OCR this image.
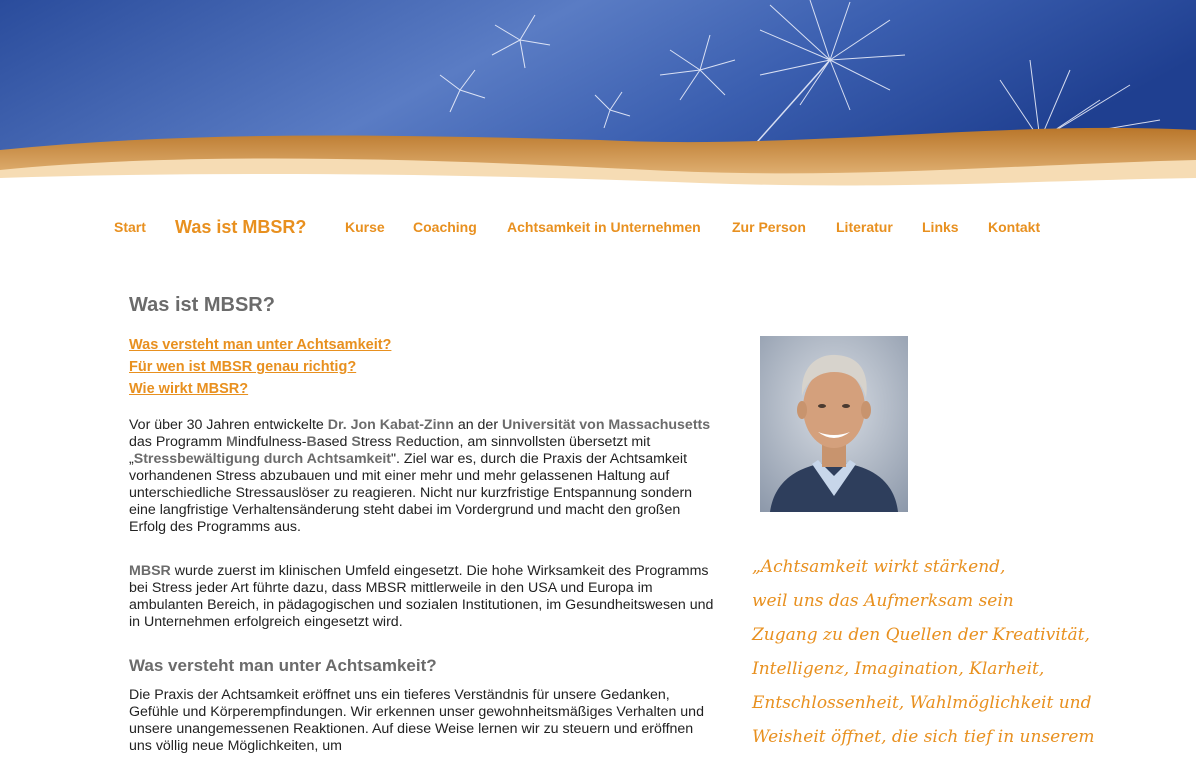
Start Was ist MBSR?	Kurse Coaching Achtsamkeit in Unternehmen Zur Person Literatur Links Kontakt
Was ist MBSR?
Was versteht man unter Achtsamkeit?
Für wen ist MBSR genau richtig?
Wie wirkt MBSR?

Vor über 30 Jahren entwickelte Dr. Jon Kabat-Zinn an der Universität von Massachusetts das Programm Mindfulness-Based Stress Reduction, am sinnvollsten übersetzt mit „Stressbewältigung durch Achtsamkeit". Ziel war es, durch die Praxis der Achtsamkeit vorhandenen Stress abzubauen und mit einer mehr und mehr gelassenen Haltung auf unterschiedliche Stressauslöser zu reagieren. Nicht nur kurzfristige Entspannung sondern eine langfristige Verhaltensänderung steht dabei im Vordergrund und macht den großen Erfolg des Programms aus.

MBSR wurde zuerst im klinischen Umfeld eingesetzt. Die hohe Wirksamkeit des Programms bei Stress jeder Art führte dazu, dass MBSR mittlerweile in den USA und Europa im ambulanten Bereich, in pädagogischen und sozialen Institutionen, im Gesundheitswesen und in Unternehmen erfolgreich eingesetzt wird.

Was versteht man unter Achtsamkeit?

Die Praxis der Achtsamkeit eröffnet uns ein tieferes Verständnis für unsere Gedanken, Gefühle und Körperempfindungen. Wir erkennen unser gewohnheitsmäßiges Verhalten und unsere unangemessenen Reaktionen. Auf diese Weise lernen wir zu steuern und eröffnen uns völlig neue Möglichkeiten, um

„Achtsamkeit wirkt stärkend,
weil uns das Aufmerksam sein
Zugang zu den Quellen der Kreativität,
Intelligenz, Imagination, Klarheit,
Entschlossenheit, Wahlmöglichkeit und
Weisheit öffnet, die sich tief in unserem
